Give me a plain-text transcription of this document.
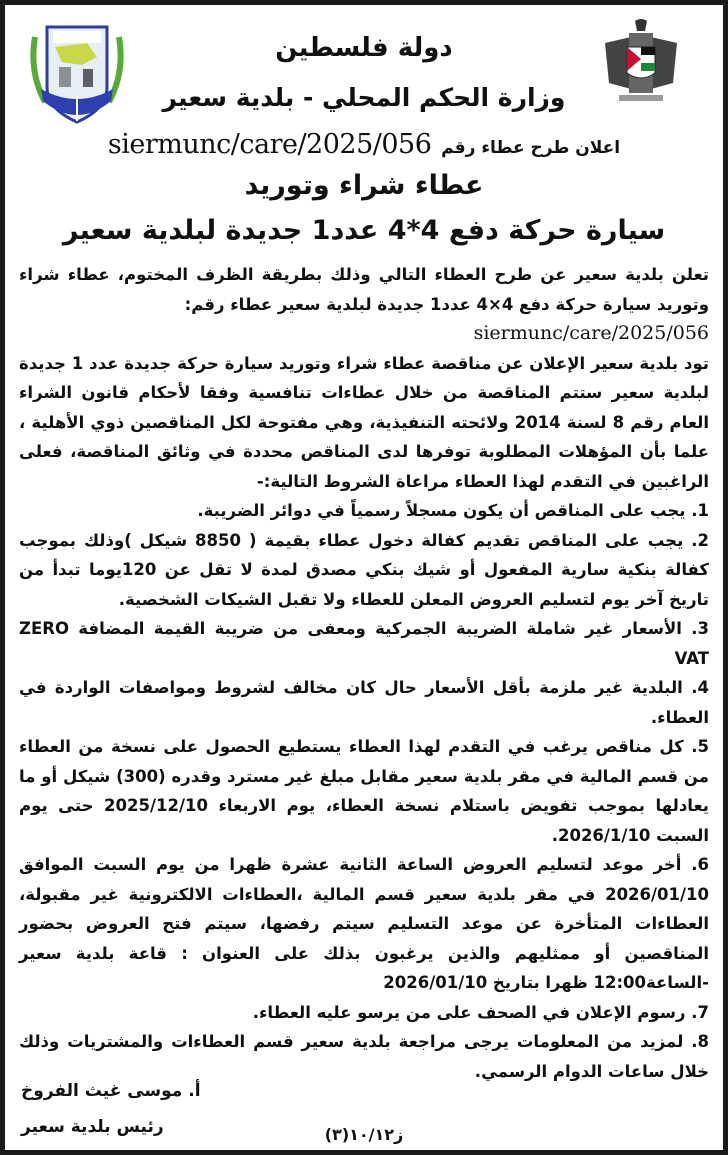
دولة فلسطين
وزارة الحكم المحلي - بلدية سعير
siermunc/care/2025/056 اعلان طرح عطاء رقم
عطاء شراء وتوريد
سيارة حركة دفع 4*4 عدد1 جديدة لبلدية سعير

تعلن بلدية سعير عن طرح العطاء التالي وذلك بطريقة الظرف المختوم، عطاء شراء وتوريد سيارة حركة دفع 4×4 عدد1 جديدة لبلدية سعير عطاء رقم:

siermunc/care/2025/056

تود بلدية سعير الإعلان عن مناقصة عطاء شراء وتوريد سيارة حركة جديدة عدد 1 جديدة لبلدية سعير ستتم المناقصة من خلال عطاءات تنافسية وفقا لأحكام قانون الشراء العام رقم 8 لسنة 2014 ولائحته التنفيذية، وهي مفتوحة لكل المناقصين ذوي الأهلية ، علما بأن المؤهلات المطلوبة توفرها لدى المناقص محددة في وثائق المناقصة، فعلى الراغبين في التقدم لهذا العطاء مراعاة الشروط التالية:-

1. يجب على المناقص أن يكون مسجلاً رسمياً في دوائر الضريبة.

2. يجب على المناقص تقديم كفالة دخول عطاء بقيمة ( 8850 شيكل )وذلك بموجب كفالة بنكية سارية المفعول أو شيك بنكي مصدق لمدة لا تقل عن 120يوما تبدأ من تاريخ آخر يوم لتسليم العروض المعلن للعطاء ولا تقبل الشيكات الشخصية.

3. الأسعار غير شاملة الضريبة الجمركية ومعفى من ضريبة القيمة المضافة ZERO VAT

4. البلدية غير ملزمة بأقل الأسعار حال كان مخالف لشروط ومواصفات الواردة في العطاء.

5. كل مناقص يرغب في التقدم لهذا العطاء يستطيع الحصول على نسخة من العطاء من قسم المالية في مقر بلدية سعير مقابل مبلغ غير مسترد وقدره (300) شيكل أو ما يعادلها بموجب تفويض باستلام نسخة العطاء، يوم الاربعاء 2025/12/10 حتى يوم السبت 2026/1/10.

6. أخر موعد لتسليم العروض الساعة الثانية عشرة ظهرا من يوم السبت الموافق 2026/01/10 في مقر بلدية سعير قسم المالية ،العطاءات الالكترونية غير مقبولة، العطاءات المتأخرة عن موعد التسليم سيتم رفضها، سيتم فتح العروض بحضور المناقصين أو ممثليهم والذين يرغبون بذلك على العنوان : قاعة بلدية سعير -الساعة12:00 ظهرا بتاريخ 2026/01/10

7. رسوم الإعلان في الصحف على من يرسو عليه العطاء.

8. لمزيد من المعلومات يرجى مراجعة بلدية سعير قسم العطاءات والمشتريات وذلك خلال ساعات الدوام الرسمي.

أ. موسى غيث الفروخ
رئيس بلدية سعير	ز١٠/١٢(٣)
